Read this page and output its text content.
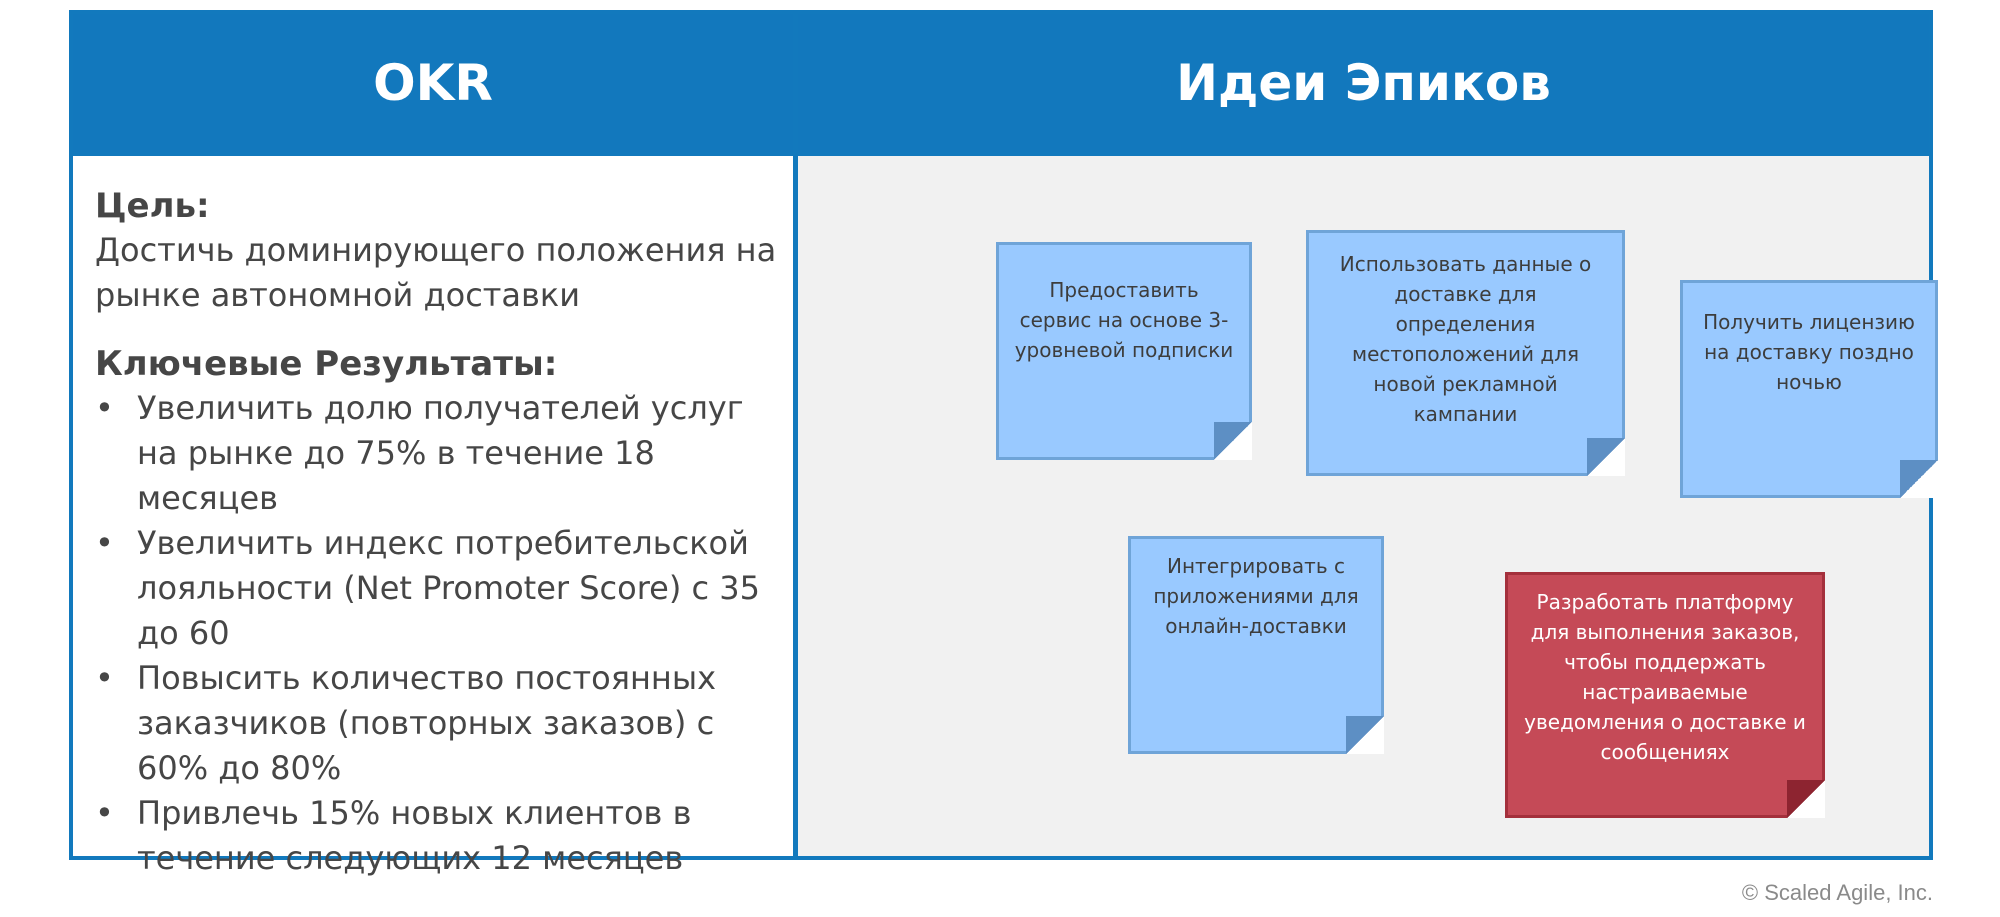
OKR	Идеи Эпиков

Цель:

Достичь доминирующего положения на рынке автономной доставки

Ключевые Результаты:

• Увеличить долю получателей услуг на рынке до 75% в течение 18 месяцев
• Увеличить индекс потребительской лояльности (Net Promoter Score) с 35 до 60
• Повысить количество постоянных заказчиков (повторных заказов) с 60% до 80%
• Привлечь 15% новых клиентов в течение следующих 12 месяцев
Предоставить сервис на основе 3-уровневой подписки
Использовать данные о доставке для определения местоположений для новой рекламной кампании
Получить лицензию на доставку поздно ночью
Интегрировать с приложениями для онлайн-доставки
Разработать платформу для выполнения заказов, чтобы поддержать настраиваемые уведомления о доставке и сообщениях
© Scaled Agile, Inc.
